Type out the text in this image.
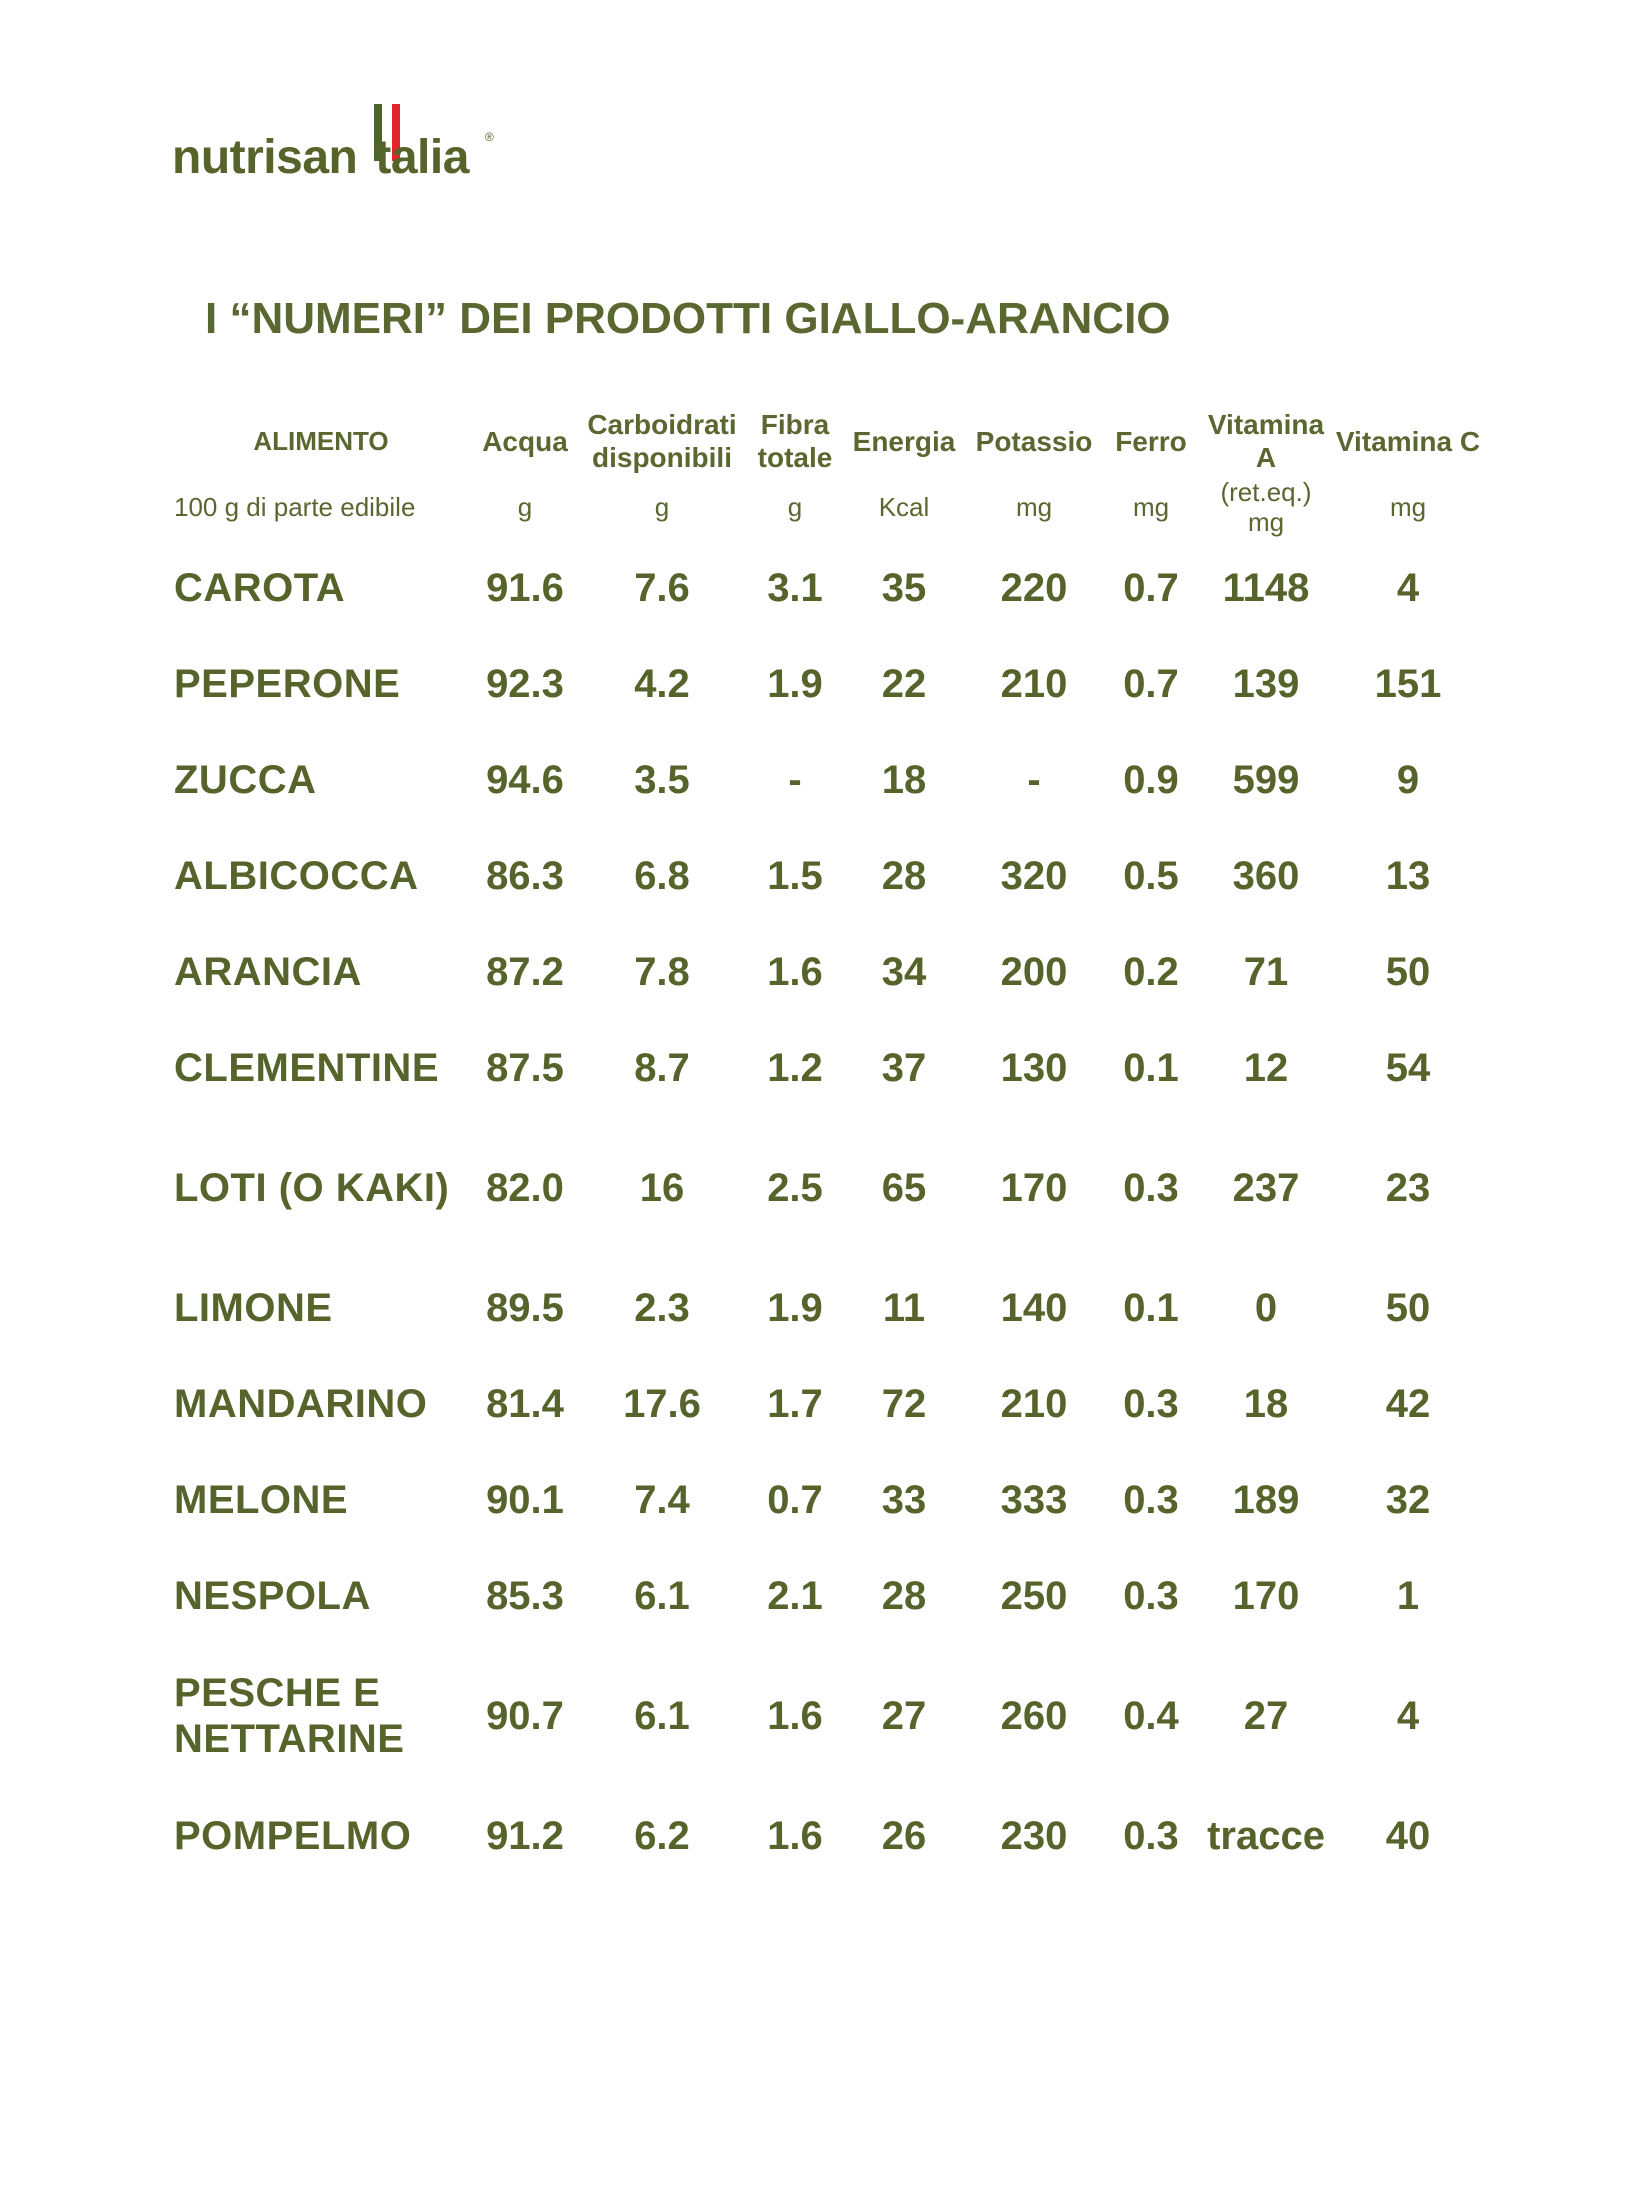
nutrisan talia ®
I “NUMERI” DEI PRODOTTI GIALLO-ARANCIO
ALIMENTO	Acqua	Carboidrati disponibili	Fibra totale	Energia	Potassio	Ferro	Vitamina A	Vitamina C
100 g di parte edibile	g	g	g	Kcal	mg	mg	(ret.eq.) mg	mg
CAROTA	91.6	7.6	3.1	35	220	0.7	1148	4
PEPERONE	92.3	4.2	1.9	22	210	0.7	139	151
ZUCCA	94.6	3.5	-	18	-	0.9	599	9
ALBICOCCA	86.3	6.8	1.5	28	320	0.5	360	13
ARANCIA	87.2	7.8	1.6	34	200	0.2	71	50
CLEMENTINE	87.5	8.7	1.2	37	130	0.1	12	54
LOTI (O KAKI)	82.0	16	2.5	65	170	0.3	237	23
LIMONE	89.5	2.3	1.9	11	140	0.1	0	50
MANDARINO	81.4	17.6	1.7	72	210	0.3	18	42
MELONE	90.1	7.4	0.7	33	333	0.3	189	32
NESPOLA	85.3	6.1	2.1	28	250	0.3	170	1
PESCHE E NETTARINE	90.7	6.1	1.6	27	260	0.4	27	4
POMPELMO	91.2	6.2	1.6	26	230	0.3	tracce	40
